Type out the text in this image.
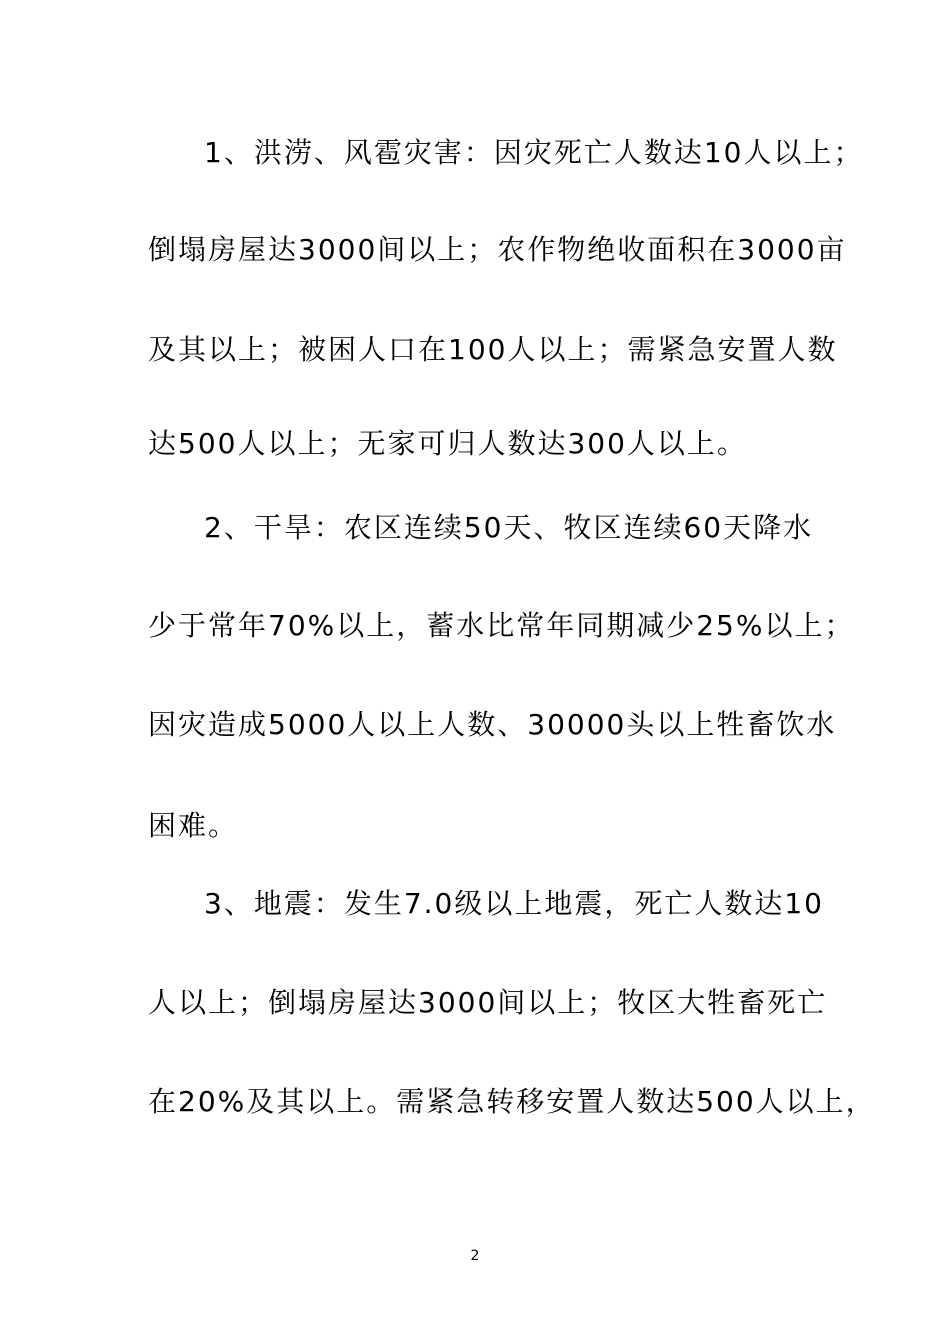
1、洪涝、风雹灾害：因灾死亡人数达10人以上；
倒塌房屋达3000间以上；农作物绝收面积在3000亩
及其以上；被困人口在100人以上；需紧急安置人数
达500人以上；无家可归人数达300人以上。
2、干旱：农区连续50天、牧区连续60天降水
少于常年70%以上，蓄水比常年同期减少25%以上；
因灾造成5000人以上人数、30000头以上牲畜饮水
困难。
3、地震：发生7.0级以上地震，死亡人数达10
人以上；倒塌房屋达3000间以上；牧区大牲畜死亡
在20%及其以上。需紧急转移安置人数达500人以上，
2
